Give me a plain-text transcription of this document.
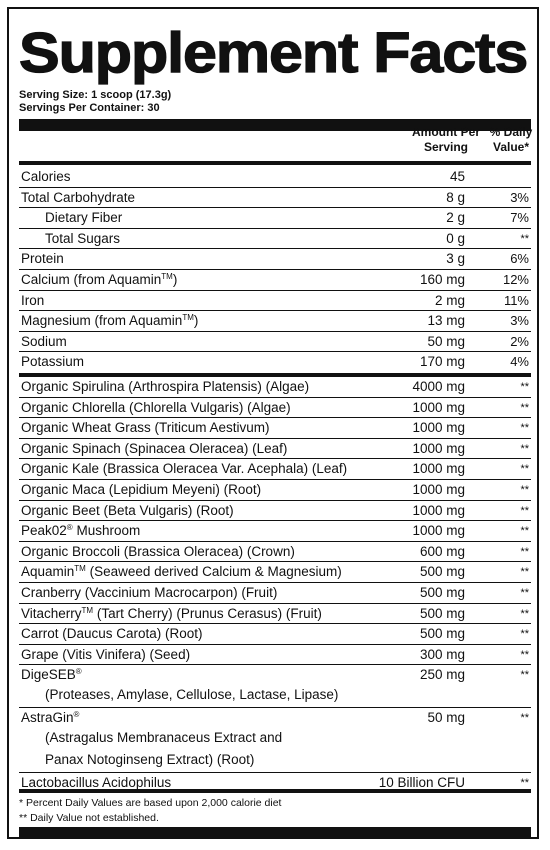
Supplement Facts
Serving Size: 1 scoop (17.3g)
Servings Per Container: 30
Amount Per
Serving
% Daily
Value*
Calories	45
Total Carbohydrate	8 g	3%
Dietary Fiber	2 g	7%
Total Sugars	0 g	**
Protein	3 g	6%
Calcium (from Aquamin™)	160 mg	12%
Iron	2 mg	11%
Magnesium (from Aquamin™)	13 mg	3%
Sodium	50 mg	2%
Potassium	170 mg	4%
Organic Spirulina (Arthrospira Platensis) (Algae)	4000 mg	**
Organic Chlorella (Chlorella Vulgaris) (Algae)	1000 mg	**
Organic Wheat Grass (Triticum Aestivum)	1000 mg	**
Organic Spinach (Spinacea Oleracea) (Leaf)	1000 mg	**
Organic Kale (Brassica Oleracea Var. Acephala) (Leaf)	1000 mg	**
Organic Maca (Lepidium Meyeni) (Root)	1000 mg	**
Organic Beet (Beta Vulgaris) (Root)	1000 mg	**
Peak02® Mushroom	1000 mg	**
Organic Broccoli (Brassica Oleracea) (Crown)	600 mg	**
Aquamin™ (Seaweed derived Calcium & Magnesium)	500 mg	**
Cranberry (Vaccinium Macrocarpon) (Fruit)	500 mg	**
Vitacherry™ (Tart Cherry) (Prunus Cerasus) (Fruit)	500 mg	**
Carrot (Daucus Carota) (Root)	500 mg	**
Grape (Vitis Vinifera) (Seed)	300 mg	**
DigeSEB®	250 mg	**
(Proteases, Amylase, Cellulose, Lactase, Lipase)
AstraGin®	50 mg	**
(Astragalus Membranaceus Extract and
Panax Notoginseng Extract) (Root)
Lactobacillus Acidophilus	10 Billion CFU	**
* Percent Daily Values are based upon 2,000 calorie diet
** Daily Value not established.
